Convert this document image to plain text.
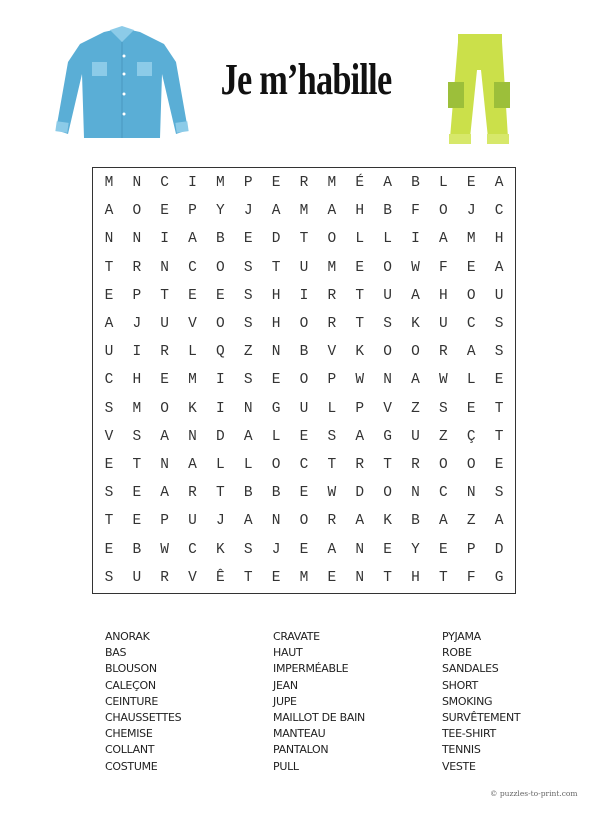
Je m’habille
M	N	C	I	M	P	E	R	M	É	A	B	L	E	A
A	O	E	P	Y	J	A	M	A	H	B	F	O	J	C
N	N	I	A	B	E	D	T	O	L	L	I	A	M	H
T	R	N	C	O	S	T	U	M	E	O	W	F	E	A
E	P	T	E	E	S	H	I	R	T	U	A	H	O	U
A	J	U	V	O	S	H	O	R	T	S	K	U	C	S
U	I	R	L	Q	Z	N	B	V	K	O	O	R	A	S
C	H	E	M	I	S	E	O	P	W	N	A	W	L	E
S	M	O	K	I	N	G	U	L	P	V	Z	S	E	T
V	S	A	N	D	A	L	E	S	A	G	U	Z	Ç	T
E	T	N	A	L	L	O	C	T	R	T	R	O	O	E
S	E	A	R	T	B	B	E	W	D	O	N	C	N	S
T	E	P	U	J	A	N	O	R	A	K	B	A	Z	A
E	B	W	C	K	S	J	E	A	N	E	Y	E	P	D
S	U	R	V	Ê	T	E	M	E	N	T	H	T	F	G
ANORAK
BAS
BLOUSON
CALEÇON
CEINTURE
CHAUSSETTES
CHEMISE
COLLANT
COSTUME
CRAVATE
HAUT
IMPERMÉABLE
JEAN
JUPE
MAILLOT DE BAIN
MANTEAU
PANTALON
PULL
PYJAMA
ROBE
SANDALES
SHORT
SMOKING
SURVÊTEMENT
TEE-SHIRT
TENNIS
VESTE
© puzzles-to-print.com
